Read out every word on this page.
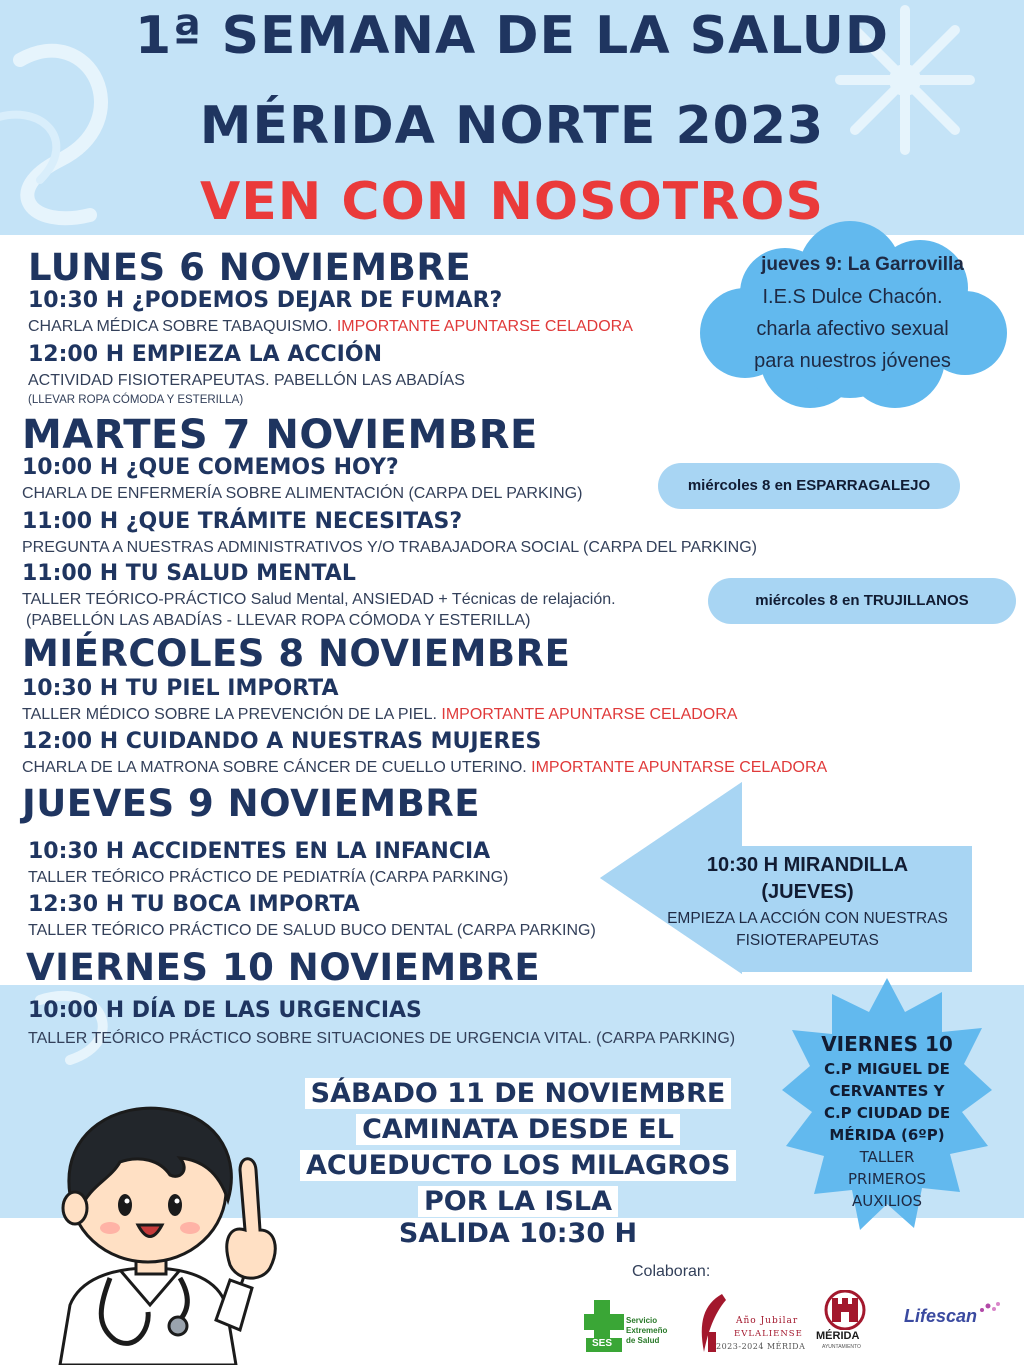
1ª SEMANA DE LA SALUD
MÉRIDA NORTE 2023
VEN CON NOSOTROS
jueves 9: La Garrovilla
I.E.S Dulce Chacón.
charla afectivo sexual
para nuestros jóvenes
LUNES 6 NOVIEMBRE
10:30 H ¿PODEMOS DEJAR DE FUMAR?
CHARLA MÉDICA SOBRE TABAQUISMO. IMPORTANTE APUNTARSE CELADORA
12:00 H EMPIEZA LA ACCIÓN
ACTIVIDAD FISIOTERAPEUTAS. PABELLÓN LAS ABADÍAS
(LLEVAR ROPA CÓMODA Y ESTERILLA)
MARTES 7 NOVIEMBRE
10:00 H ¿QUE COMEMOS HOY?
CHARLA DE ENFERMERÍA SOBRE ALIMENTACIÓN (CARPA DEL PARKING)
11:00 H ¿QUE TRÁMITE NECESITAS?
PREGUNTA A NUESTRAS ADMINISTRATIVOS Y/O TRABAJADORA SOCIAL (CARPA DEL PARKING)
11:00 H TU SALUD MENTAL
TALLER TEÓRICO-PRÁCTICO Salud Mental, ANSIEDAD + Técnicas de relajación.
(PABELLÓN LAS ABADÍAS - LLEVAR ROPA CÓMODA Y ESTERILLA)
miércoles 8 en ESPARRAGALEJO
miércoles 8 en TRUJILLANOS
MIÉRCOLES 8 NOVIEMBRE
10:30 H TU PIEL IMPORTA
TALLER MÉDICO SOBRE LA PREVENCIÓN DE LA PIEL. IMPORTANTE APUNTARSE CELADORA
12:00 H CUIDANDO A NUESTRAS MUJERES
CHARLA DE LA MATRONA SOBRE CÁNCER DE CUELLO UTERINO. IMPORTANTE APUNTARSE CELADORA
10:30 H MIRANDILLA
(JUEVES)
EMPIEZA LA ACCIÓN CON NUESTRAS
FISIOTERAPEUTAS
JUEVES 9 NOVIEMBRE
10:30 H ACCIDENTES EN LA INFANCIA
TALLER TEÓRICO PRÁCTICO DE PEDIATRÍA (CARPA PARKING)
12:30 H TU BOCA IMPORTA
TALLER TEÓRICO PRÁCTICO DE SALUD BUCO DENTAL (CARPA PARKING)
VIERNES 10 NOVIEMBRE
10:00 H DÍA DE LAS URGENCIAS
TALLER TEÓRICO PRÁCTICO SOBRE SITUACIONES DE URGENCIA VITAL. (CARPA PARKING)	VIERNES 10
C.P MIGUEL DE
CERVANTES Y
C.P CIUDAD DE
MÉRIDA (6ºP)
TALLER
PRIMEROS
AUXILIOS
SÁBADO 11 DE NOVIEMBRE
CAMINATA DESDE EL
ACUEDUCTO LOS MILAGROS
POR LA ISLA
SALIDA 10:30 H
Colaboran:
SES
Servicio
Extremeño
de Salud
Año Jubilar
EVLALIENSE
2023-2024 MÉRIDA
MÉRIDA
AYUNTAMIENTO
Lifescan
